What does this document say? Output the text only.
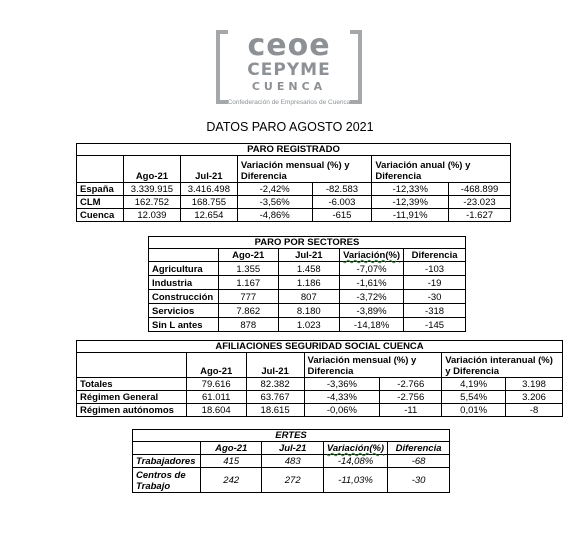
ceoe
CEPYME
CUENCA
Confederación de Empresarios de Cuenca
DATOS PARO AGOSTO 2021
PARO REGISTRADO						
	Ago-21	Jul-21	Variación mensual (%) y Diferencia		Variación anual (%) y Diferencia	
España	3.339.915	3.416.498	-2,42%	-82.583	-12,33%	-468.899
CLM	162.752	168.755	-3,56%	-6.003	-12,39%	-23.023
Cuenca	12.039	12.654	-4,86%	-615	-11,91%	-1.627
PARO POR SECTORES				
	Ago-21	Jul-21	Variación(%)	Diferencia
Agricultura	1.355	1.458	-7,07%	-103
Industria	1.167	1.186	-1,61%	-19
Construcción	777	807	-3,72%	-30
Servicios	7.862	8.180	-3,89%	-318
Sin L antes	878	1.023	-14,18%	-145
AFILIACIONES SEGURIDAD SOCIAL CUENCA						
	Ago-21	Jul-21	Variación mensual (%) y Diferencia		Variación interanual (%) y Diferencia	
Totales	79.616	82.382	-3,36%	-2.766	4,19%	3.198
Régimen General	61.011	63.767	-4,33%	-2.756	5,54%	3.206
Régimen autónomos	18.604	18.615	-0,06%	-11	0,01%	-8
ERTES				
	Ago-21	Jul-21	Variación(%)	Diferencia
Trabajadores	415	483	-14,08%	-68
Centros de Trabajo	242	272	-11,03%	-30
